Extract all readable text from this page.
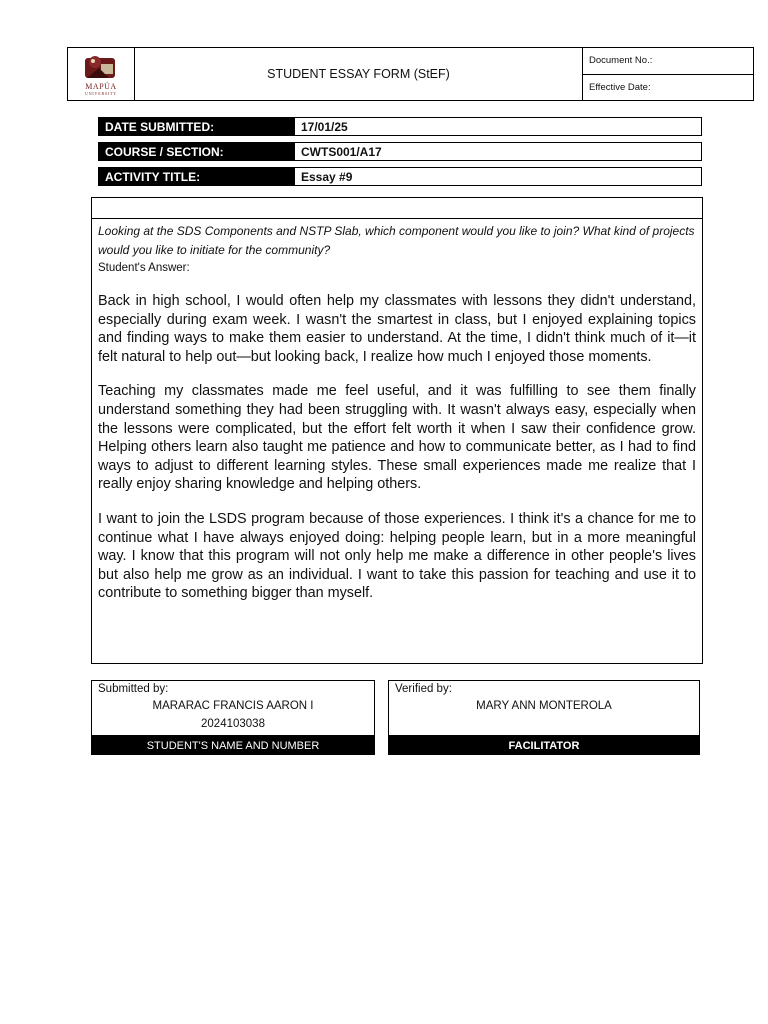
MAPÚA
UNIVERSITY
STUDENT ESSAY FORM (StEF)
Document No.:
Effective Date:
DATE SUBMITTED:	17/01/25
COURSE / SECTION:	CWTS001/A17
ACTIVITY TITLE:	Essay #9
Looking at the SDS Components and NSTP Slab, which component would you like to join? What kind of projects would you like to initiate for the community?
Student's Answer:

Back in high school, I would often help my classmates with lessons they didn't understand, especially during exam week. I wasn't the smartest in class, but I enjoyed explaining topics and finding ways to make them easier to understand. At the time, I didn't think much of it—it felt natural to help out—but looking back, I realize how much I enjoyed those moments.

Teaching my classmates made me feel useful, and it was fulfilling to see them finally understand something they had been struggling with. It wasn't always easy, especially when the lessons were complicated, but the effort felt worth it when I saw their confidence grow. Helping others learn also taught me patience and how to communicate better, as I had to find ways to adjust to different learning styles. These small experiences made me realize that I really enjoy sharing knowledge and helping others.

I want to join the LSDS program because of those experiences. I think it's a chance for me to continue what I have always enjoyed doing: helping people learn, but in a more meaningful way. I know that this program will not only help me make a difference in other people's lives but also help me grow as an individual. I want to take this passion for teaching and use it to contribute to something bigger than myself.

Submitted by:
MARARAC FRANCIS AARON I
2024103038
STUDENT'S NAME AND NUMBER
Verified by:
MARY ANN MONTEROLA
FACILITATOR
